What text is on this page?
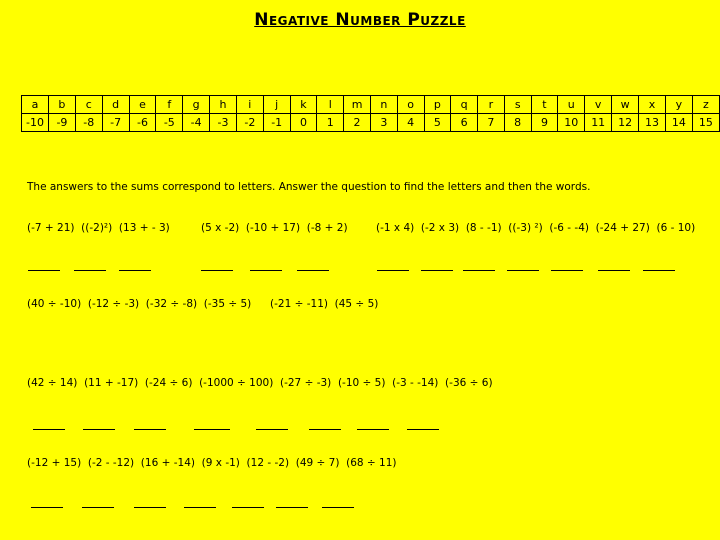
Negative Number Puzzle
a	b	c	d	e	f	g	h	i	j	k	l	m	n	o	p	q	r	s	t	u	v	w	x	y	z
-10	-9	-8	-7	-6	-5	-4	-3	-2	-1	0	1	2	3	4	5	6	7	8	9	10	11	12	13	14	15
The answers to the sums correspond to letters. Answer the question to find the letters and then the words.
(-7 + 21)  ((-2)²)  (13 + - 3)	(5 x -2)  (-10 + 17)  (-8 + 2)	(-1 x 4)  (-2 x 3)  (8 - -1)  ((-3) ²)  (-6 - -4)  (-24 + 27)  (6 - 10)
(40 ÷ -10)  (-12 ÷ -3)  (-32 ÷ -8)  (-35 ÷ 5) (-21 ÷ -11)  (45 ÷ 5)
(42 ÷ 14)  (11 + -17)  (-24 ÷ 6)  (-1000 ÷ 100)  (-27 ÷ -3)  (-10 ÷ 5)  (-3 - -14)  (-36 ÷ 6)
(-12 + 15)  (-2 - -12)  (16 + -14)  (9 x -1)  (12 - -2)  (49 ÷ 7)  (68 ÷ 11)
